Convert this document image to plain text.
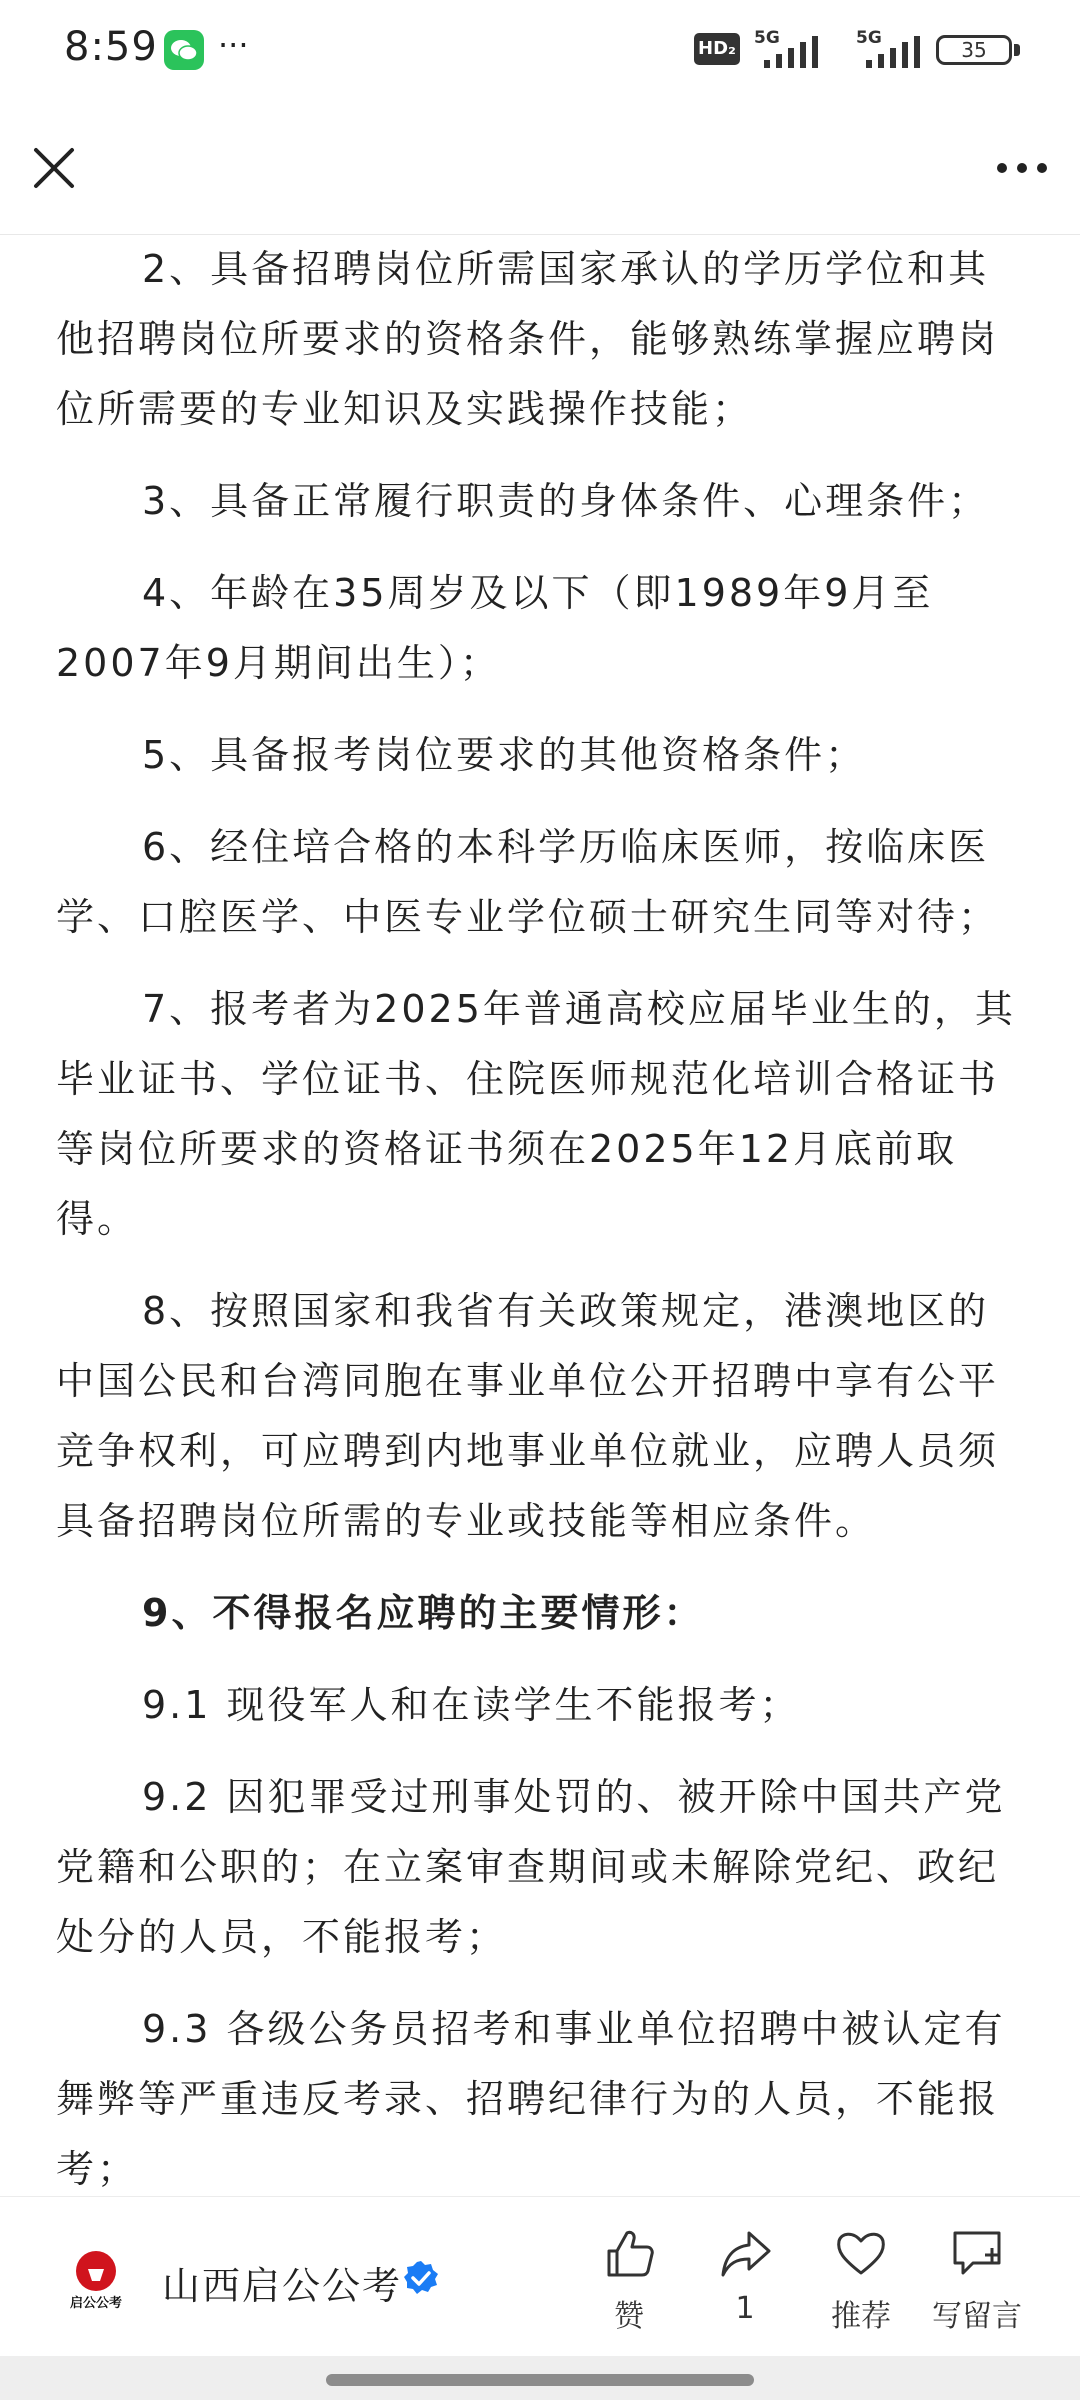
8:59 ···	HD₂ 5G	5G	35

2、具备招聘岗位所需国家承认的学历学位和其他招聘岗位所要求的资格条件，能够熟练掌握应聘岗位所需要的专业知识及实践操作技能；

3、具备正常履行职责的身体条件、心理条件；

4、年龄在35周岁及以下（即1989年9月至2007年9月期间出生）；

5、具备报考岗位要求的其他资格条件；

6、经住培合格的本科学历临床医师，按临床医学、口腔医学、中医专业学位硕士研究生同等对待；

7、报考者为2025年普通高校应届毕业生的，其毕业证书、学位证书、住院医师规范化培训合格证书等岗位所要求的资格证书须在2025年12月底前取得。

8、按照国家和我省有关政策规定，港澳地区的中国公民和台湾同胞在事业单位公开招聘中享有公平竞争权利，可应聘到内地事业单位就业，应聘人员须具备招聘岗位所需的专业或技能等相应条件。

9、不得报名应聘的主要情形：

9.1 现役军人和在读学生不能报考；

9.2 因犯罪受过刑事处罚的、被开除中国共产党党籍和公职的；在立案审查期间或未解除党纪、政纪处分的人员，不能报考；

9.3 各级公务员招考和事业单位招聘中被认定有舞弊等严重违反考录、招聘纪律行为的人员，不能报考；

启公公考 山西启公公考
赞	1	推荐	写留言
